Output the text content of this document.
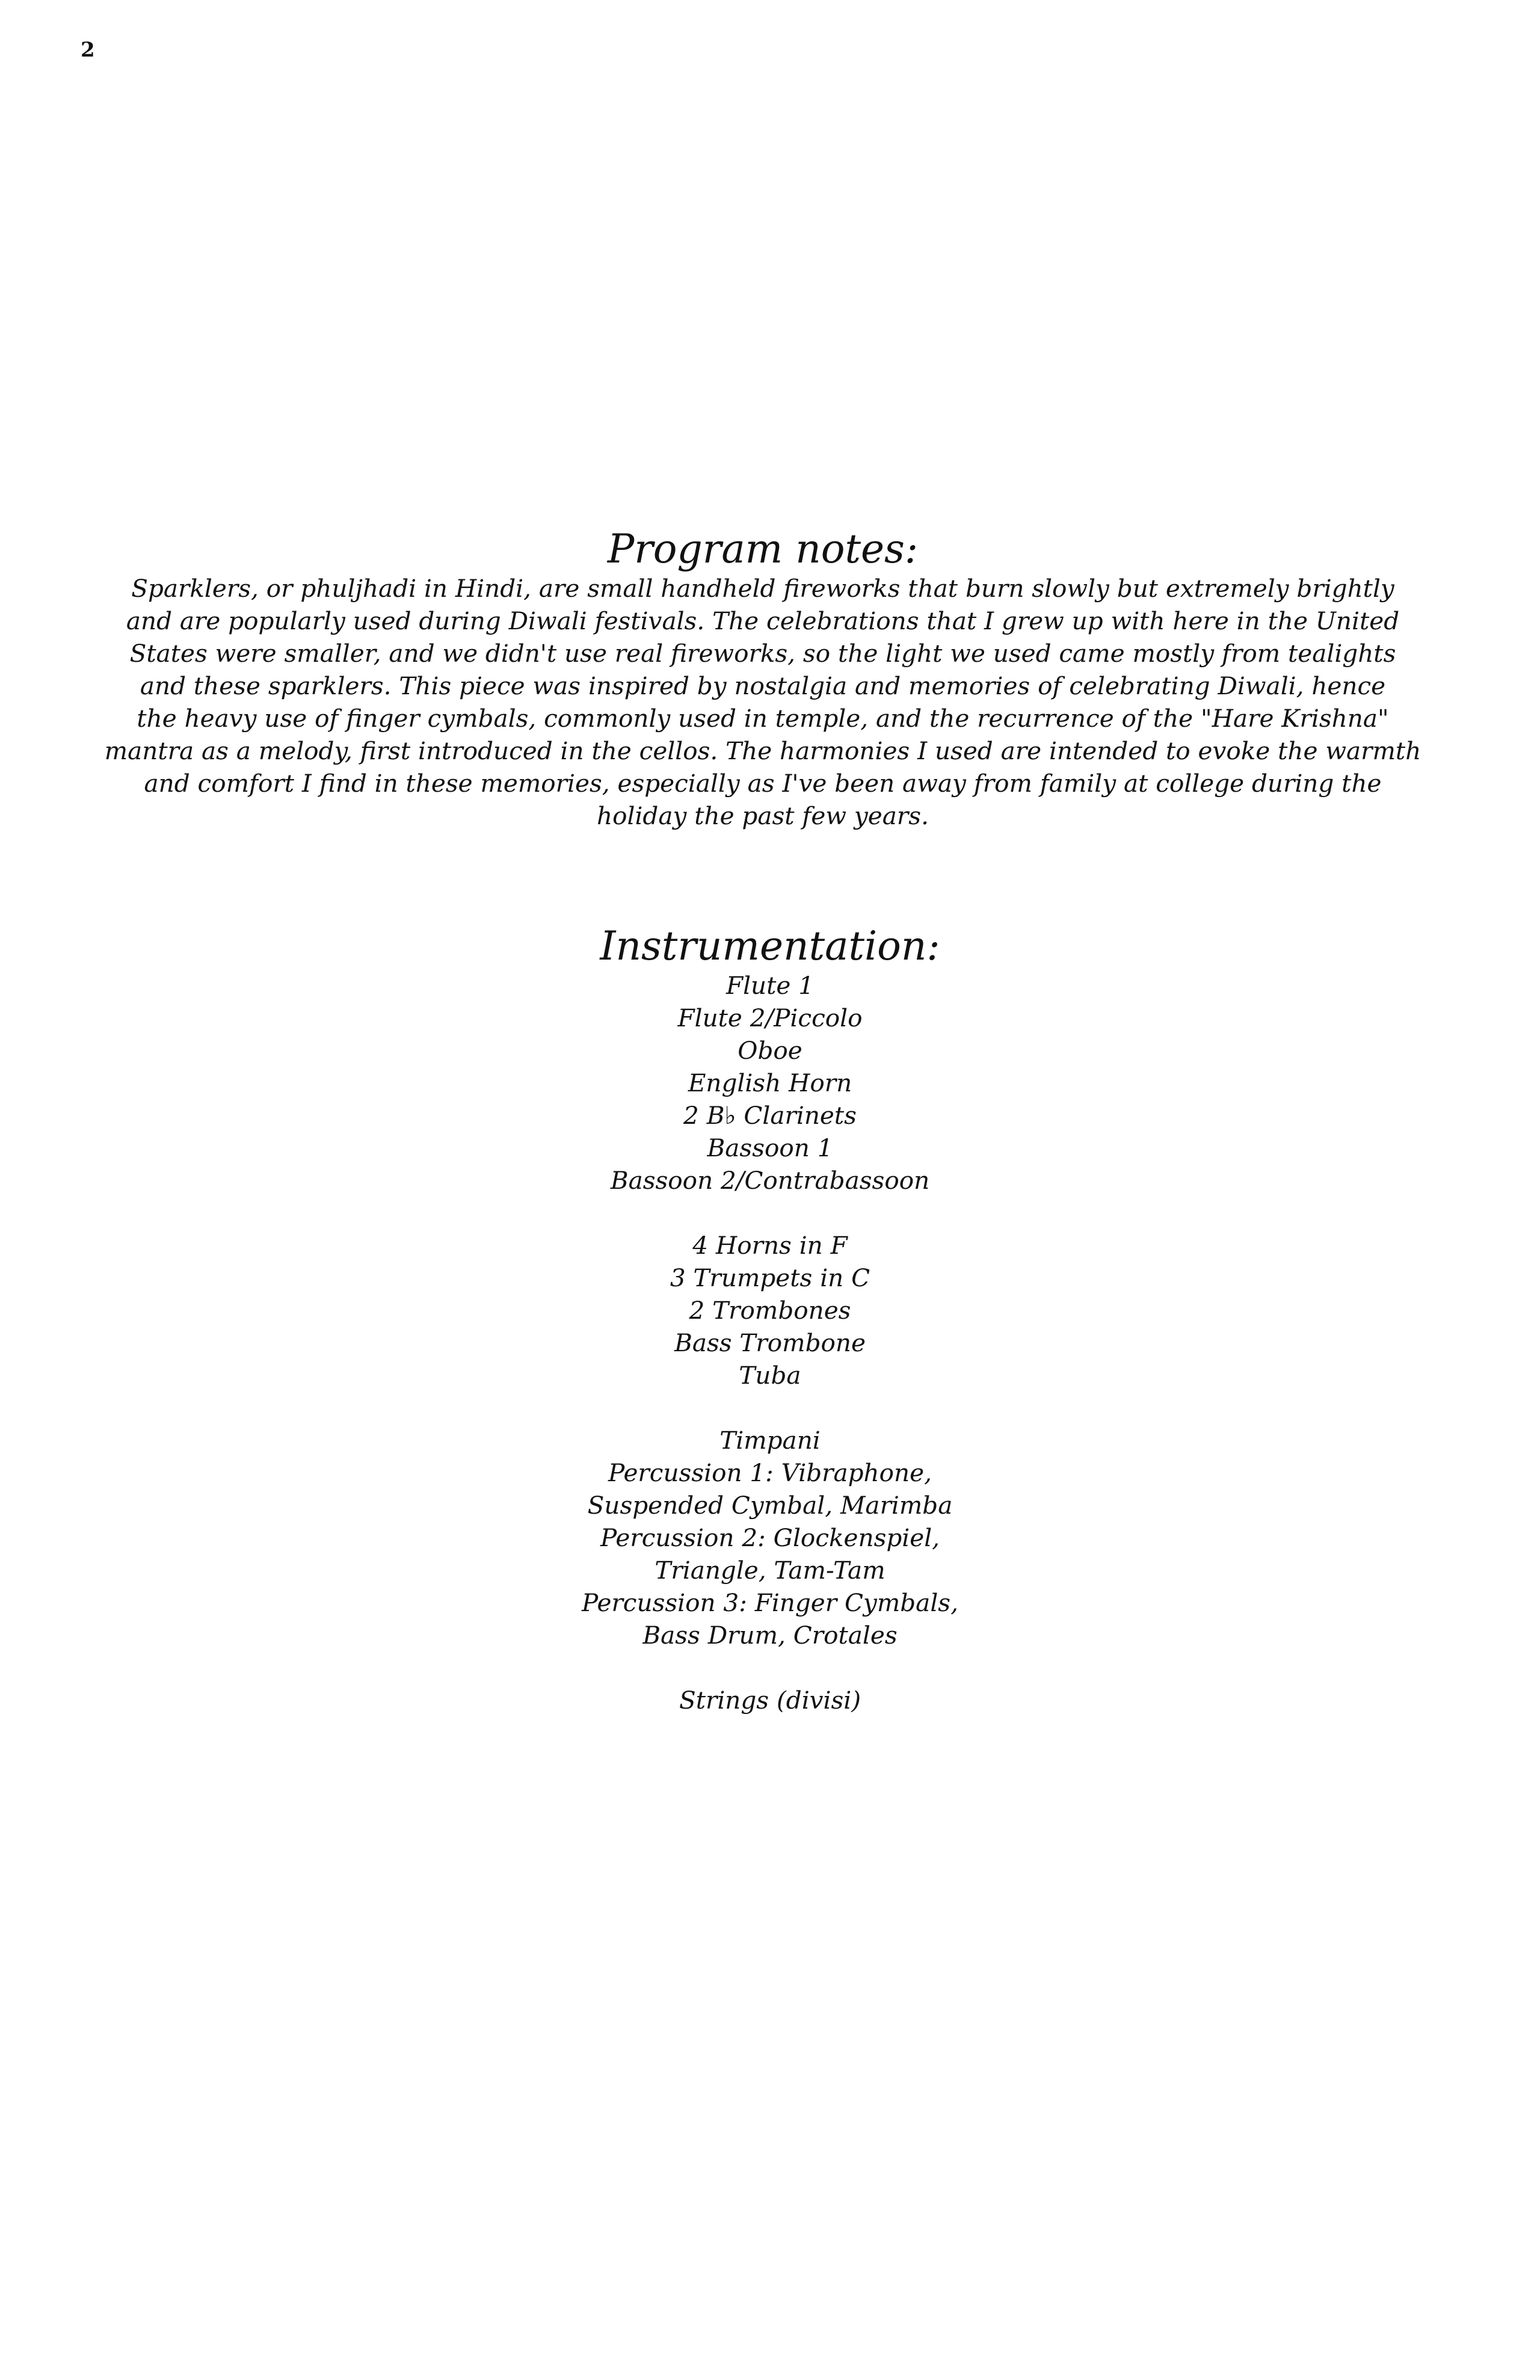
2
Program notes:

Sparklers, or phuljhadi in Hindi, are small handheld fireworks that burn slowly but extremely brightly
and are popularly used during Diwali festivals. The celebrations that I grew up with here in the United
States were smaller, and we didn't use real fireworks, so the light we used came mostly from tealights
and these sparklers. This piece was inspired by nostalgia and memories of celebrating Diwali, hence
the heavy use of finger cymbals, commonly used in temple, and the recurrence of the "Hare Krishna"
mantra as a melody, first introduced in the cellos. The harmonies I used are intended to evoke the warmth
and comfort I find in these memories, especially as I've been away from family at college during the
holiday the past few years.

Instrumentation:
Flute 1
Flute 2/Piccolo
Oboe
English Horn
2 B♭ Clarinets
Bassoon 1
Bassoon 2/Contrabassoon
4 Horns in F
3 Trumpets in C
2 Trombones
Bass Trombone
Tuba
Timpani
Percussion 1: Vibraphone,
Suspended Cymbal, Marimba
Percussion 2: Glockenspiel,
Triangle, Tam-Tam
Percussion 3: Finger Cymbals,
Bass Drum, Crotales
Strings (divisi)
